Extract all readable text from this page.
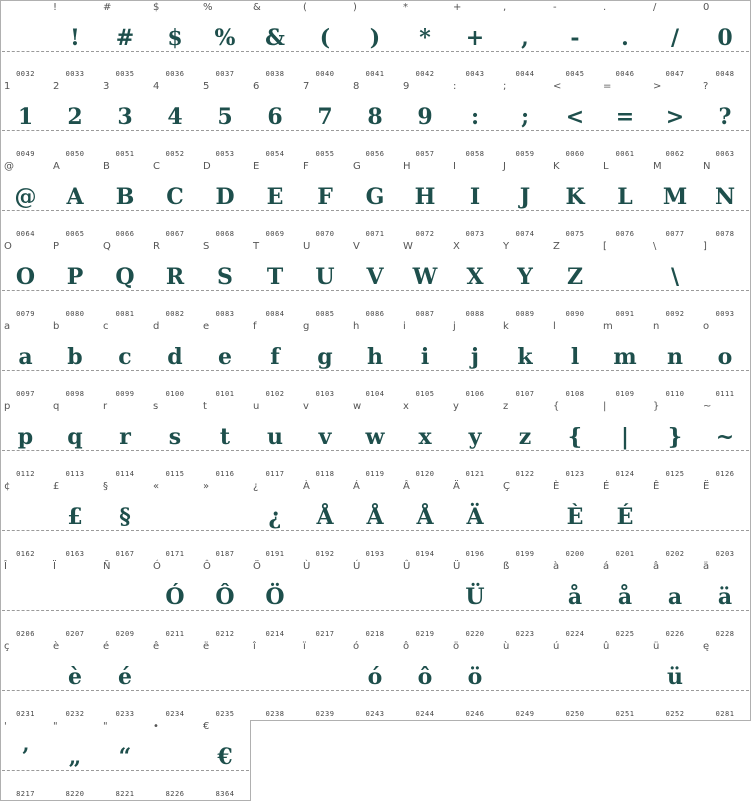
0032
!
!
0033
#
#
0035
$
$
0036
%
%
0037
&
&
0038
(
(
0040
)
)
0041
*
*
0042
+
+
0043
,
,
0044
-
-
0045
.
.
0046
/
/
0047
0
0
0048
1
1
0049
2
2
0050
3
3
0051
4
4
0052
5
5
0053
6
6
0054
7
7
0055
8
8
0056
9
9
0057
:
:
0058
;
;
0059
<
<
0060
=
=
0061
>
>
0062
?
?
0063
@
@
0064
A
A
0065
B
B
0066
C
C
0067
D
D
0068
E
E
0069
F
F
0070
G
G
0071
H
H
0072
I
I
0073
J
J
0074
K
K
0075
L
L
0076
M
M
0077
N
N
0078
O
O
0079
P
P
0080
Q
Q
0081
R
R
0082
S
S
0083
T
T
0084
U
U
0085
V
V
0086
W
W
0087
X
X
0088
Y
Y
0089
Z
Z
0090
[
0091
\
\
0092
]
0093
a
a
0097
b
b
0098
c
c
0099
d
d
0100
e
e
0101
f
f
0102
g
g
0103
h
h
0104
i
i
0105
j
j
0106
k
k
0107
l
l
0108
m
m
0109
n
n
0110
o
o
0111
p
p
0112
q
q
0113
r
r
0114
s
s
0115
t
t
0116
u
u
0117
v
v
0118
w
w
0119
x
x
0120
y
y
0121
z
z
0122
{
{
0123
|
|
0124
}
}
0125
~
~
0126
¢
0162
£
£
0163
§
§
0167
«
0171
»
0187
¿
¿
0191
À
Å
0192
Á
Å
0193
Â
Å
0194
Ä
Ä
0196
Ç
0199
È
È
0200
É
É
0201
Ê
0202
Ë
0203
Î
0206
Ï
0207
Ñ
0209
Ó
Ó
0211
Ô
Ô
0212
Ö
Ö
0214
Ù
0217
Ú
0218
Û
0219
Ü
Ü
0220
ß
0223
à
å
0224
á
å
0225
â
a
0226
ä
ä
0228
ç
0231
è
è
0232
é
é
0233
ê
0234
ë
0235
î
0238
ï
0239
ó
ó
0243
ô
ô
0244
ö
ö
0246
ù
0249
ú
0250
û
0251
ü
ü
0252
ę
0281
'
’
8217
"
„
8220
"
“
8221
•
8226
€
€
8364
